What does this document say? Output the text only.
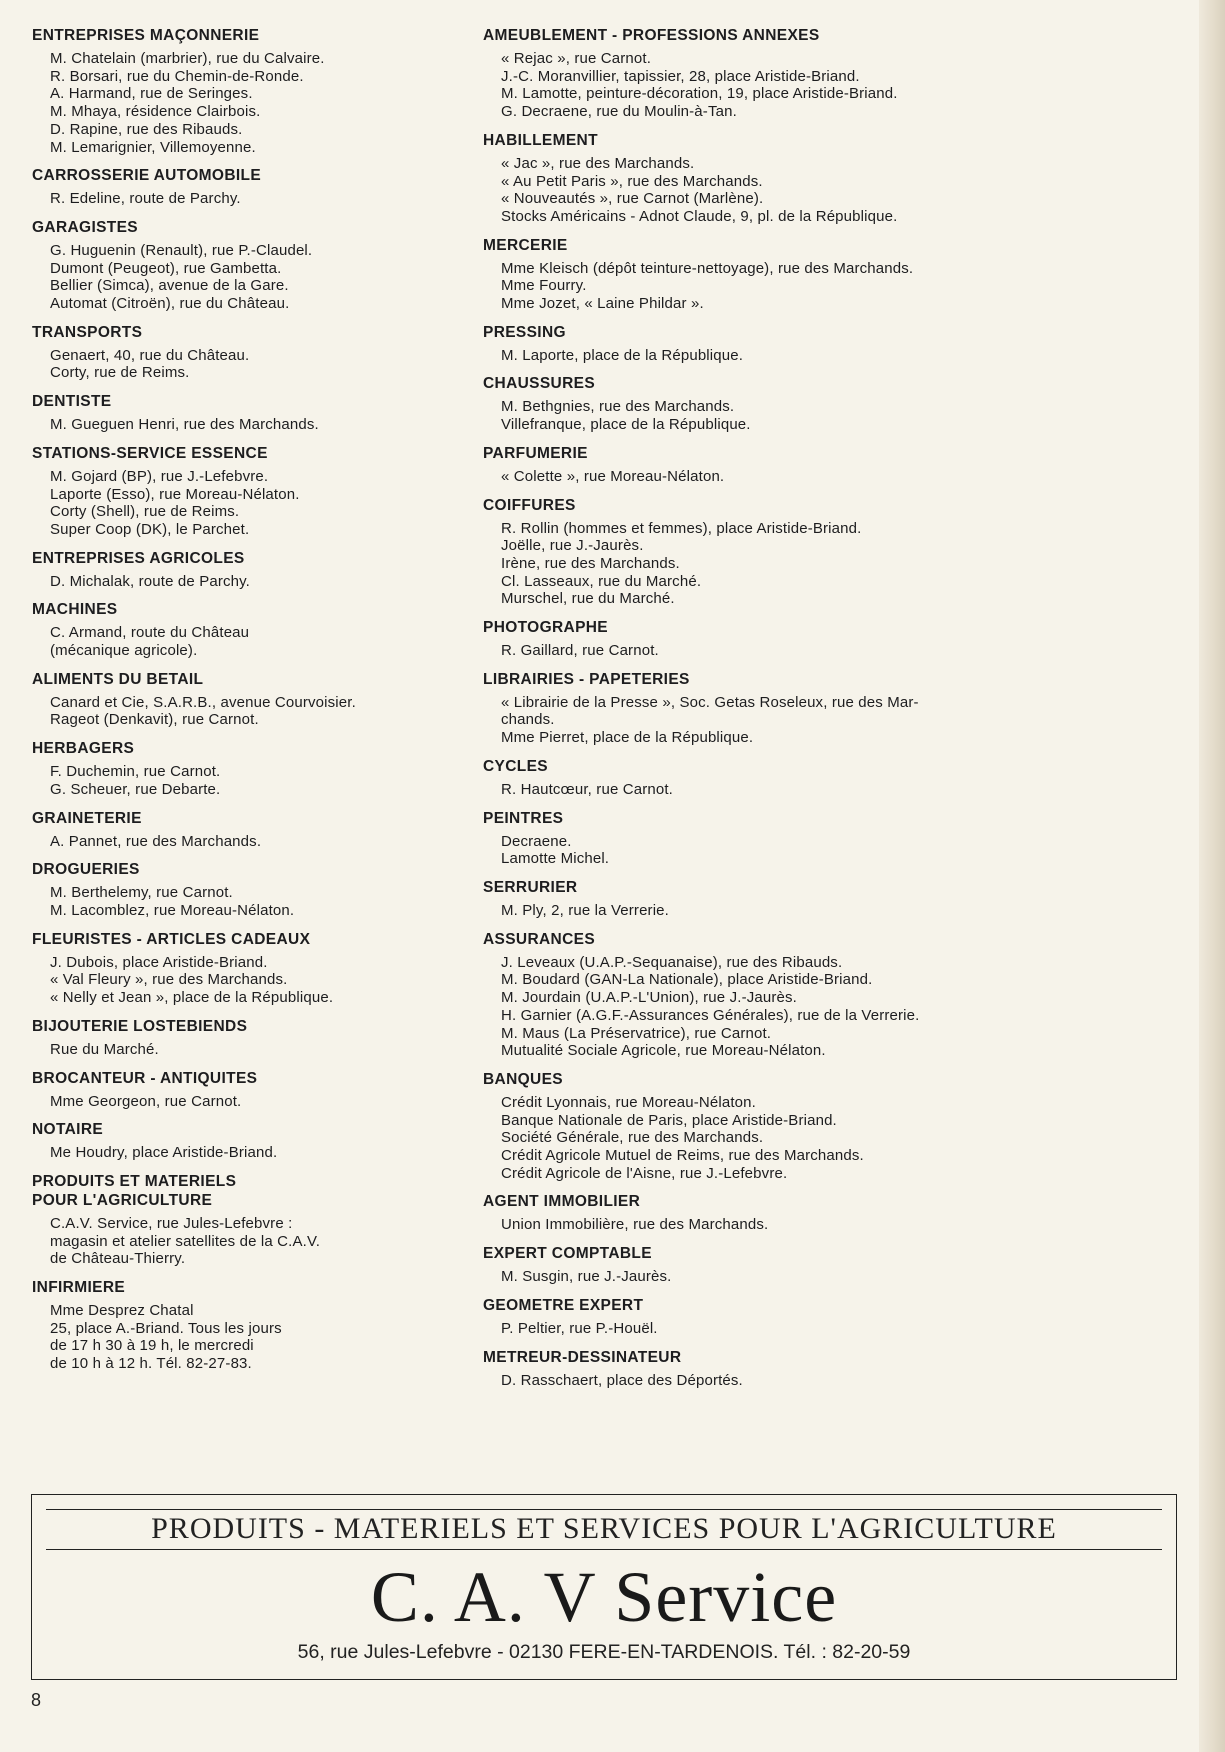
ENTREPRISES MAÇONNERIE
M. Chatelain (marbrier), rue du Calvaire.
R. Borsari, rue du Chemin-de-Ronde.
A. Harmand, rue de Seringes.
M. Mhaya, résidence Clairbois.
D. Rapine, rue des Ribauds.
M. Lemarignier, Villemoyenne.
CARROSSERIE AUTOMOBILE
R. Edeline, route de Parchy.
GARAGISTES
G. Huguenin (Renault), rue P.-Claudel.
Dumont (Peugeot), rue Gambetta.
Bellier (Simca), avenue de la Gare.
Automat (Citroën), rue du Château.
TRANSPORTS
Genaert, 40, rue du Château.
Corty, rue de Reims.
DENTISTE
M. Gueguen Henri, rue des Marchands.
STATIONS-SERVICE ESSENCE
M. Gojard (BP), rue J.-Lefebvre.
Laporte (Esso), rue Moreau-Nélaton.
Corty (Shell), rue de Reims.
Super Coop (DK), le Parchet.
ENTREPRISES AGRICOLES
D. Michalak, route de Parchy.
MACHINES
C. Armand, route du Château
(mécanique agricole).
ALIMENTS DU BETAIL
Canard et Cie, S.A.R.B., avenue Courvoisier.
Rageot (Denkavit), rue Carnot.
HERBAGERS
F. Duchemin, rue Carnot.
G. Scheuer, rue Debarte.
GRAINETERIE
A. Pannet, rue des Marchands.
DROGUERIES
M. Berthelemy, rue Carnot.
M. Lacomblez, rue Moreau-Nélaton.
FLEURISTES - ARTICLES CADEAUX
J. Dubois, place Aristide-Briand.
« Val Fleury », rue des Marchands.
« Nelly et Jean », place de la République.
BIJOUTERIE LOSTEBIENDS
Rue du Marché.
BROCANTEUR - ANTIQUITES
Mme Georgeon, rue Carnot.
NOTAIRE
Me Houdry, place Aristide-Briand.
PRODUITS ET MATERIELS
POUR L'AGRICULTURE
C.A.V. Service, rue Jules-Lefebvre :
magasin et atelier satellites de la C.A.V.
de Château-Thierry.
INFIRMIERE
Mme Desprez Chatal
25, place A.-Briand. Tous les jours
de 17 h 30 à 19 h, le mercredi
de 10 h à 12 h. Tél. 82-27-83.
AMEUBLEMENT - PROFESSIONS ANNEXES
« Rejac », rue Carnot.
J.-C. Moranvillier, tapissier, 28, place Aristide-Briand.
M. Lamotte, peinture-décoration, 19, place Aristide-Briand.
G. Decraene, rue du Moulin-à-Tan.
HABILLEMENT
« Jac », rue des Marchands.
« Au Petit Paris », rue des Marchands.
« Nouveautés », rue Carnot (Marlène).
Stocks Américains - Adnot Claude, 9, pl. de la République.
MERCERIE
Mme Kleisch (dépôt teinture-nettoyage), rue des Marchands.
Mme Fourry.
Mme Jozet, « Laine Phildar ».
PRESSING
M. Laporte, place de la République.
CHAUSSURES
M. Bethgnies, rue des Marchands.
Villefranque, place de la République.
PARFUMERIE
« Colette », rue Moreau-Nélaton.
COIFFURES
R. Rollin (hommes et femmes), place Aristide-Briand.
Joëlle, rue J.-Jaurès.
Irène, rue des Marchands.
Cl. Lasseaux, rue du Marché.
Murschel, rue du Marché.
PHOTOGRAPHE
R. Gaillard, rue Carnot.
LIBRAIRIES - PAPETERIES
« Librairie de la Presse », Soc. Getas Roseleux, rue des Mar-
chands.
Mme Pierret, place de la République.
CYCLES
R. Hautcœur, rue Carnot.
PEINTRES
Decraene.
Lamotte Michel.
SERRURIER
M. Ply, 2, rue la Verrerie.
ASSURANCES
J. Leveaux (U.A.P.-Sequanaise), rue des Ribauds.
M. Boudard (GAN-La Nationale), place Aristide-Briand.
M. Jourdain (U.A.P.-L'Union), rue J.-Jaurès.
H. Garnier (A.G.F.-Assurances Générales), rue de la Verrerie.
M. Maus (La Préservatrice), rue Carnot.
Mutualité Sociale Agricole, rue Moreau-Nélaton.
BANQUES
Crédit Lyonnais, rue Moreau-Nélaton.
Banque Nationale de Paris, place Aristide-Briand.
Société Générale, rue des Marchands.
Crédit Agricole Mutuel de Reims, rue des Marchands.
Crédit Agricole de l'Aisne, rue J.-Lefebvre.
AGENT IMMOBILIER
Union Immobilière, rue des Marchands.
EXPERT COMPTABLE
M. Susgin, rue J.-Jaurès.
GEOMETRE EXPERT
P. Peltier, rue P.-Houël.
METREUR-DESSINATEUR
D. Rasschaert, place des Déportés.
PRODUITS - MATERIELS ET SERVICES POUR L'AGRICULTURE
C. A. V Service
56, rue Jules-Lefebvre - 02130 FERE-EN-TARDENOIS. Tél. : 82-20-59
8
